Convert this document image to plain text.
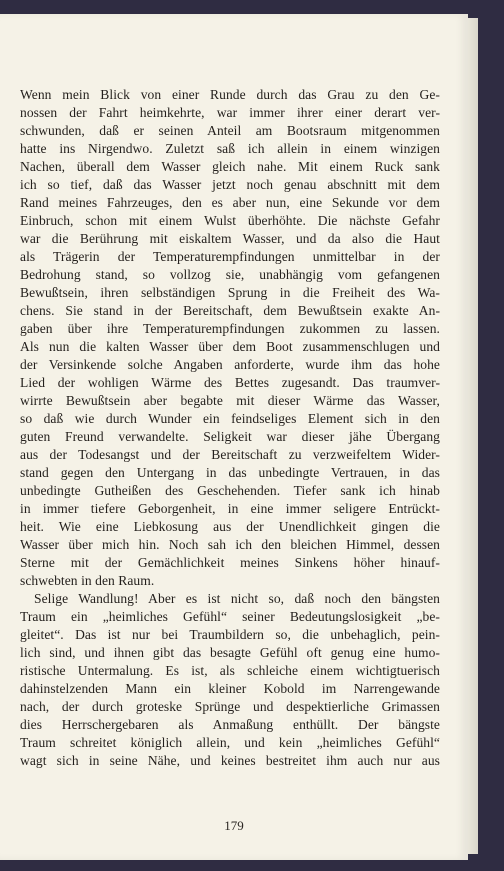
Wenn mein Blick von einer Runde durch das Grau zu den Ge-
nossen der Fahrt heimkehrte, war immer ihrer einer derart ver-
schwunden, daß er seinen Anteil am Bootsraum mitgenommen
hatte ins Nirgendwo. Zuletzt saß ich allein in einem winzigen
Nachen, überall dem Wasser gleich nahe. Mit einem Ruck sank
ich so tief, daß das Wasser jetzt noch genau abschnitt mit dem
Rand meines Fahrzeuges, den es aber nun, eine Sekunde vor dem
Einbruch, schon mit einem Wulst überhöhte. Die nächste Gefahr
war die Berührung mit eiskaltem Wasser, und da also die Haut
als Trägerin der Temperaturempfindungen unmittelbar in der
Bedrohung stand, so vollzog sie, unabhängig vom gefangenen
Bewußtsein, ihren selbständigen Sprung in die Freiheit des Wa-
chens. Sie stand in der Bereitschaft, dem Bewußtsein exakte An-
gaben über ihre Temperaturempfindungen zukommen zu lassen.
Als nun die kalten Wasser über dem Boot zusammenschlugen und
der Versinkende solche Angaben anforderte, wurde ihm das hohe
Lied der wohligen Wärme des Bettes zugesandt. Das traumver-
wirrte Bewußtsein aber begabte mit dieser Wärme das Wasser,
so daß wie durch Wunder ein feindseliges Element sich in den
guten Freund verwandelte. Seligkeit war dieser jähe Übergang
aus der Todesangst und der Bereitschaft zu verzweifeltem Wider-
stand gegen den Untergang in das unbedingte Vertrauen, in das
unbedingte Gutheißen des Geschehenden. Tiefer sank ich hinab
in immer tiefere Geborgenheit, in eine immer seligere Entrückt-
heit. Wie eine Liebkosung aus der Unendlichkeit gingen die
Wasser über mich hin. Noch sah ich den bleichen Himmel, dessen
Sterne mit der Gemächlichkeit meines Sinkens höher hinauf-
schwebten in den Raum.
Selige Wandlung! Aber es ist nicht so, daß noch den bängsten
Traum ein „heimliches Gefühl“ seiner Bedeutungslosigkeit „be-
gleitet“. Das ist nur bei Traumbildern so, die unbehaglich, pein-
lich sind, und ihnen gibt das besagte Gefühl oft genug eine humo-
ristische Untermalung. Es ist, als schleiche einem wichtigtuerisch
dahinstelzenden Mann ein kleiner Kobold im Narrengewande
nach, der durch groteske Sprünge und despektierliche Grimassen
dies Herrschergebaren als Anmaßung enthüllt. Der bängste
Traum schreitet königlich allein, und kein „heimliches Gefühl“
wagt sich in seine Nähe, und keines bestreitet ihm auch nur aus
179
